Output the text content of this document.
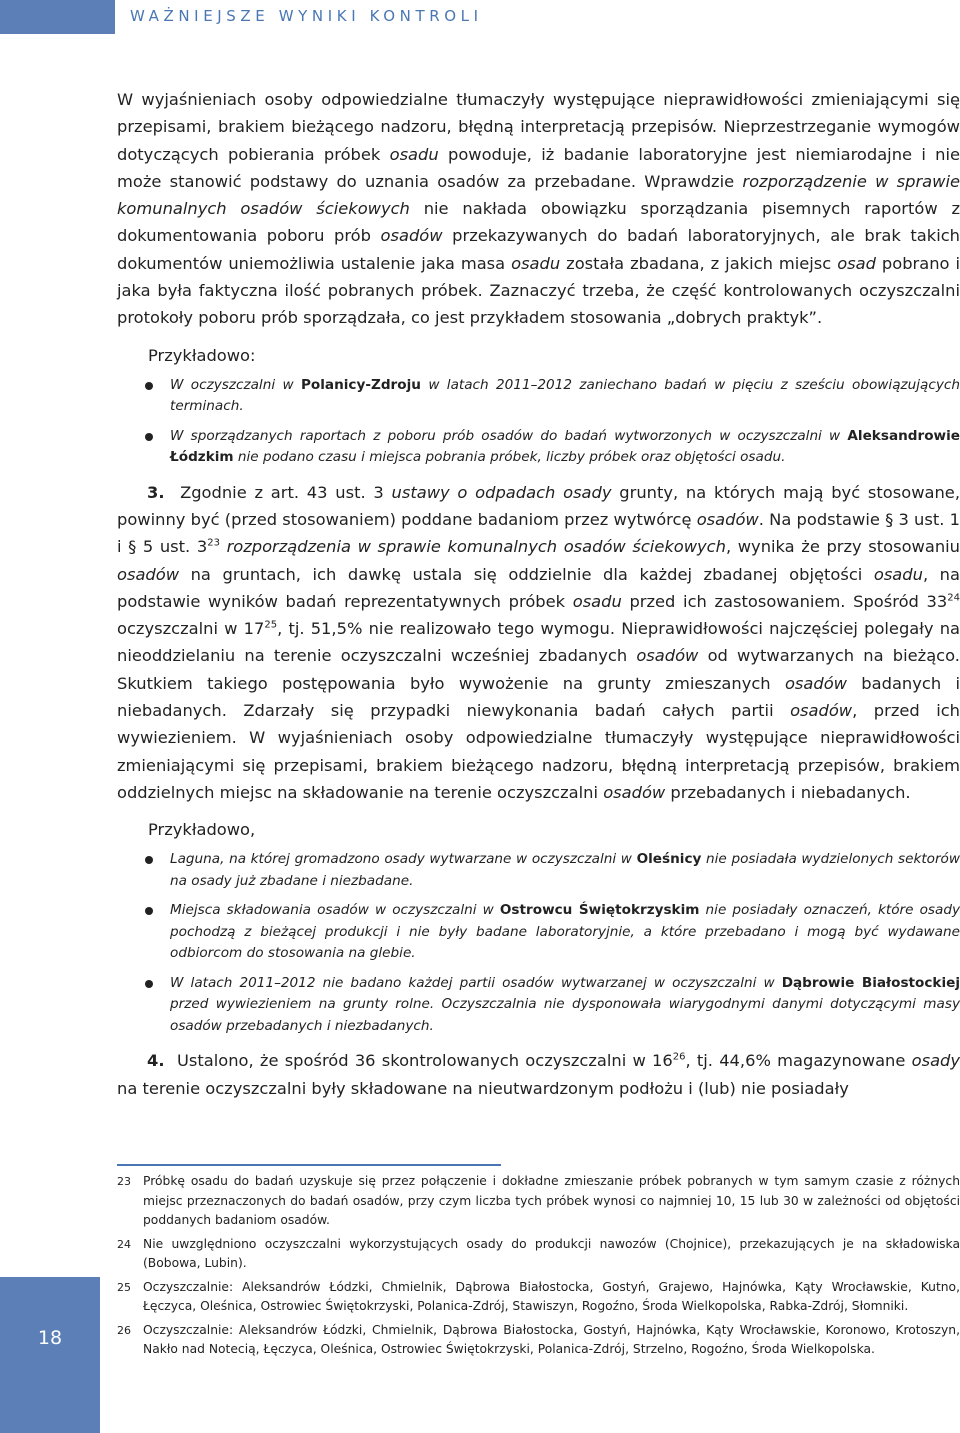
WAŻNIEJSZE WYNIKI KONTROLI

W wyjaśnieniach osoby odpowiedzialne tłumaczyły występujące nieprawidłowości zmieniającymi się przepisami, brakiem bieżącego nadzoru, błędną interpretacją przepisów. Nieprzestrzeganie wymogów dotyczących pobierania próbek osadu powoduje, iż badanie laboratoryjne jest niemiarodajne i nie może stanowić podstawy do uznania osadów za przebadane. Wprawdzie rozporządzenie w sprawie komunalnych osadów ściekowych nie nakłada obowiązku sporządzania pisemnych raportów z dokumentowania poboru prób osadów przekazywanych do badań laboratoryjnych, ale brak takich dokumentów uniemożliwia ustalenie jaka masa osadu została zbadana, z jakich miejsc osad pobrano i jaka była faktyczna ilość pobranych próbek. Zaznaczyć trzeba, że część kontrolowanych oczyszczalni protokoły poboru prób sporządzała, co jest przykładem stosowania „dobrych praktyk”.

Przykładowo:

W oczyszczalni w Polanicy-Zdroju w latach 2011–2012 zaniechano badań w pięciu z sześciu obowiązujących terminach.
W sporządzanych raportach z poboru prób osadów do badań wytworzonych w oczyszczalni w Aleksandrowie Łódzkim nie podano czasu i miejsca pobrania próbek, liczby próbek oraz objętości osadu.

3. Zgodnie z art. 43 ust. 3 ustawy o odpadach osady grunty, na których mają być stosowane, powinny być (przed stosowaniem) poddane badaniom przez wytwórcę osadów. Na podstawie § 3 ust. 1 i § 5 ust. $3^{23}$ rozporządzenia w sprawie komunalnych osadów ściekowych, wynika że przy stosowaniu osadów na gruntach, ich dawkę ustala się oddzielnie dla każdej zbadanej objętości osadu, na podstawie wyników badań reprezentatywnych próbek osadu przed ich zastosowaniem. Spośród $33^{24}$ oczyszczalni w $17^{25}$, tj. 51,5% nie realizowało tego wymogu. Nieprawidłowości najczęściej polegały na nieoddzielaniu na terenie oczyszczalni wcześniej zbadanych osadów od wytwarzanych na bieżąco. Skutkiem takiego postępowania było wywożenie na grunty zmieszanych osadów badanych i niebadanych. Zdarzały się przypadki niewykonania badań całych partii osadów, przed ich wywiezieniem. W wyjaśnieniach osoby odpowiedzialne tłumaczyły występujące nieprawidłowości zmieniającymi się przepisami, brakiem bieżącego nadzoru, błędną interpretacją przepisów, brakiem oddzielnych miejsc na składowanie na terenie oczyszczalni osadów przebadanych i niebadanych.

Przykładowo,

Laguna, na której gromadzono osady wytwarzane w oczyszczalni w Oleśnicy nie posiadała wydzielonych sektorów na osady już zbadane i niezbadane.
Miejsca składowania osadów w oczyszczalni w Ostrowcu Świętokrzyskim nie posiadały oznaczeń, które osady pochodzą z bieżącej produkcji i nie były badane laboratoryjnie, a które przebadano i mogą być wydawane odbiorcom do stosowania na glebie.
W latach 2011–2012 nie badano każdej partii osadów wytwarzanej w oczyszczalni w Dąbrowie Białostockiej przed wywiezieniem na grunty rolne. Oczyszczalnia nie dysponowała wiarygodnymi danymi dotyczącymi masy osadów przebadanych i niezbadanych.

4. Ustalono, że spośród 36 skontrolowanych oczyszczalni w $16^{26}$, tj. 44,6% magazynowane osady na terenie oczyszczalni były składowane na nieutwardzonym podłożu i (lub) nie posiadały

23 Próbkę osadu do badań uzyskuje się przez połączenie i dokładne zmieszanie próbek pobranych w tym samym czasie z różnych miejsc przeznaczonych do badań osadów, przy czym liczba tych próbek wynosi co najmniej 10, 15 lub 30 w zależności od objętości poddanych badaniom osadów.
24 Nie uwzględniono oczyszczalni wykorzystujących osady do produkcji nawozów (Chojnice), przekazujących je na składowiska (Bobowa, Lubin).
25 Oczyszczalnie: Aleksandrów Łódzki, Chmielnik, Dąbrowa Białostocka, Gostyń, Grajewo, Hajnówka, Kąty Wrocławskie, Kutno, Łęczyca, Oleśnica, Ostrowiec Świętokrzyski, Polanica-Zdrój, Stawiszyn, Rogoźno, Środa Wielkopolska, Rabka-Zdrój, Słomniki.
26 Oczyszczalnie: Aleksandrów Łódzki, Chmielnik, Dąbrowa Białostocka, Gostyń, Hajnówka, Kąty Wrocławskie, Koronowo, Krotoszyn, Nakło nad Notecią, Łęczyca, Oleśnica, Ostrowiec Świętokrzyski, Polanica-Zdrój, Strzelno, Rogoźno, Środa Wielkopolska.
18
